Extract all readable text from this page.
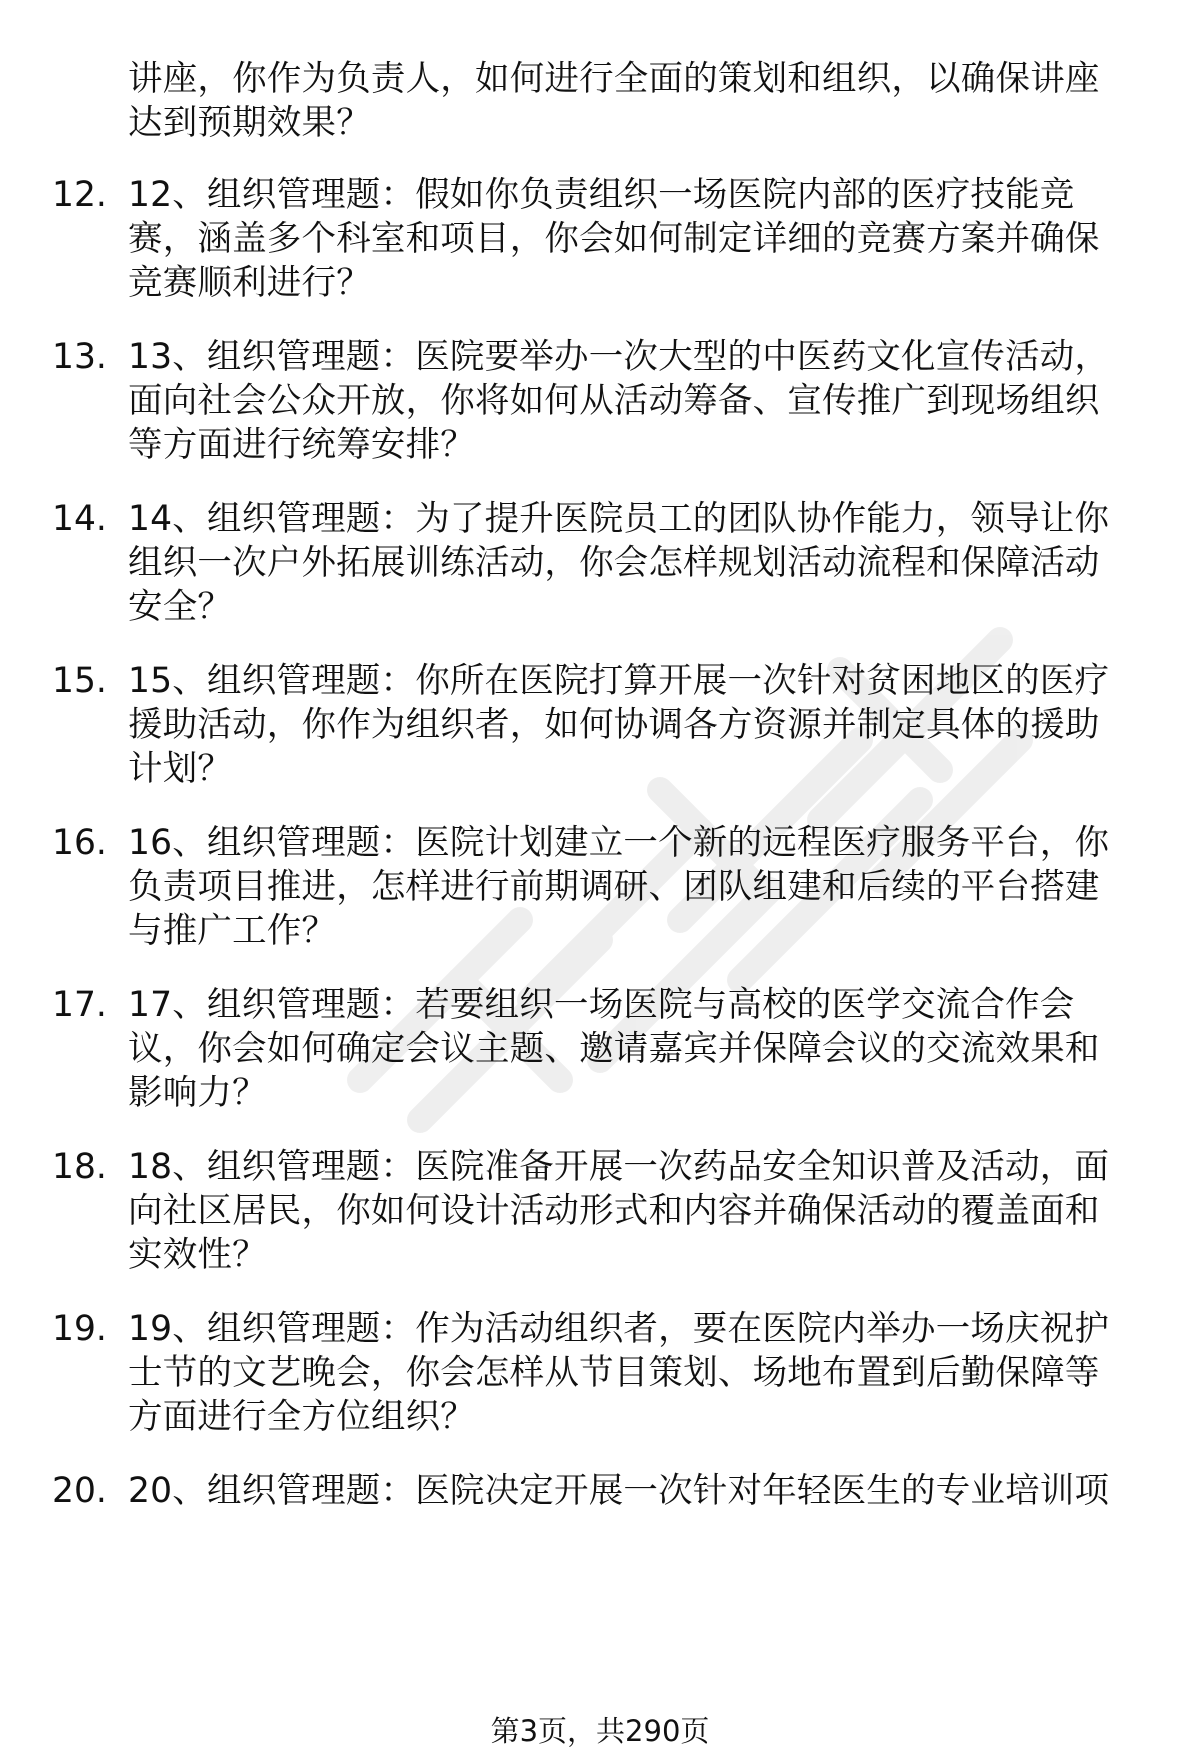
讲座，你作为负责人，如何进行全面的策划和组织，以确保讲座
达到预期效果？
12. 12、组织管理题：假如你负责组织一场医院内部的医疗技能竞
赛，涵盖多个科室和项目，你会如何制定详细的竞赛方案并确保
竞赛顺利进行？
13. 13、组织管理题：医院要举办一次大型的中医药文化宣传活动，
面向社会公众开放，你将如何从活动筹备、宣传推广到现场组织
等方面进行统筹安排？
14. 14、组织管理题：为了提升医院员工的团队协作能力，领导让你
组织一次户外拓展训练活动，你会怎样规划活动流程和保障活动
安全？
15. 15、组织管理题：你所在医院打算开展一次针对贫困地区的医疗
援助活动，你作为组织者，如何协调各方资源并制定具体的援助
计划？
16. 16、组织管理题：医院计划建立一个新的远程医疗服务平台，你
负责项目推进，怎样进行前期调研、团队组建和后续的平台搭建
与推广工作？
17. 17、组织管理题：若要组织一场医院与高校的医学交流合作会
议，你会如何确定会议主题、邀请嘉宾并保障会议的交流效果和
影响力？
18. 18、组织管理题：医院准备开展一次药品安全知识普及活动，面
向社区居民，你如何设计活动形式和内容并确保活动的覆盖面和
实效性？
19. 19、组织管理题：作为活动组织者，要在医院内举办一场庆祝护
士节的文艺晚会，你会怎样从节目策划、场地布置到后勤保障等
方面进行全方位组织？
20. 20、组织管理题：医院决定开展一次针对年轻医生的专业培训项
第3页，共290页
